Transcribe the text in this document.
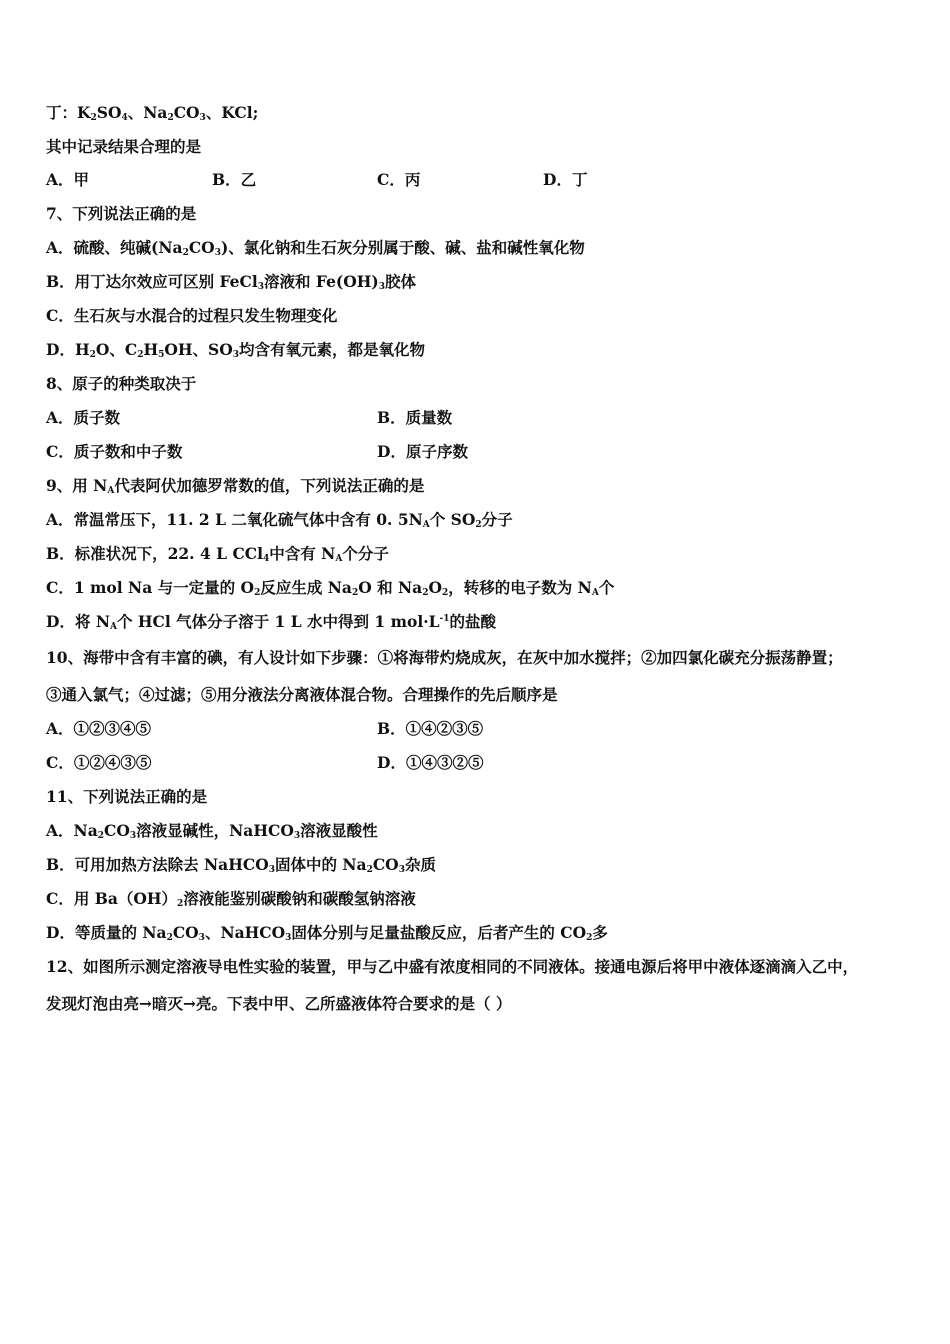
丁：K2SO4、Na2CO3、KCl;
其中记录结果合理的是
A．甲	B．乙	C．丙	D．丁
7、下列说法正确的是
A．硫酸、纯碱(Na2CO3)、氯化钠和生石灰分别属于酸、碱、盐和碱性氧化物
B．用丁达尔效应可区别 FeCl3溶液和 Fe(OH)3胶体
C．生石灰与水混合的过程只发生物理变化
D．H2O、C2H5OH、SO3均含有氧元素，都是氧化物
8、原子的种类取决于
A．质子数	B．质量数
C．质子数和中子数	D．原子序数
9、用 NA代表阿伏加德罗常数的值，下列说法正确的是
A．常温常压下，11. 2 L 二氧化硫气体中含有 0. 5NA个 SO2分子
B．标准状况下，22. 4 L CCl4中含有 NA个分子
C．1 mol Na 与一定量的 O2反应生成 Na2O 和 Na2O2，转移的电子数为 NA个
D．将 NA个 HCl 气体分子溶于 1 L 水中得到 1 $mol\cdot L^{-1}$的盐酸
10、海带中含有丰富的碘，有人设计如下步骤：①将海带灼烧成灰，在灰中加水搅拌；②加四氯化碳充分振荡静置；
③通入氯气；④过滤；⑤用分液法分离液体混合物。合理操作的先后顺序是
A．①②③④⑤	B．①④②③⑤
C．①②④③⑤	D．①④③②⑤
11、下列说法正确的是
A．Na2CO3溶液显碱性，NaHCO3溶液显酸性
B．可用加热方法除去 NaHCO3固体中的 Na2CO3杂质
C．用 Ba（OH）2溶液能鉴别碳酸钠和碳酸氢钠溶液
D．等质量的 Na2CO3、NaHCO3固体分别与足量盐酸反应，后者产生的 CO2多
12、如图所示测定溶液导电性实验的装置，甲与乙中盛有浓度相同的不同液体。接通电源后将甲中液体逐滴滴入乙中，
发现灯泡由亮→暗灭→亮。下表中甲、乙所盛液体符合要求的是（ ）
